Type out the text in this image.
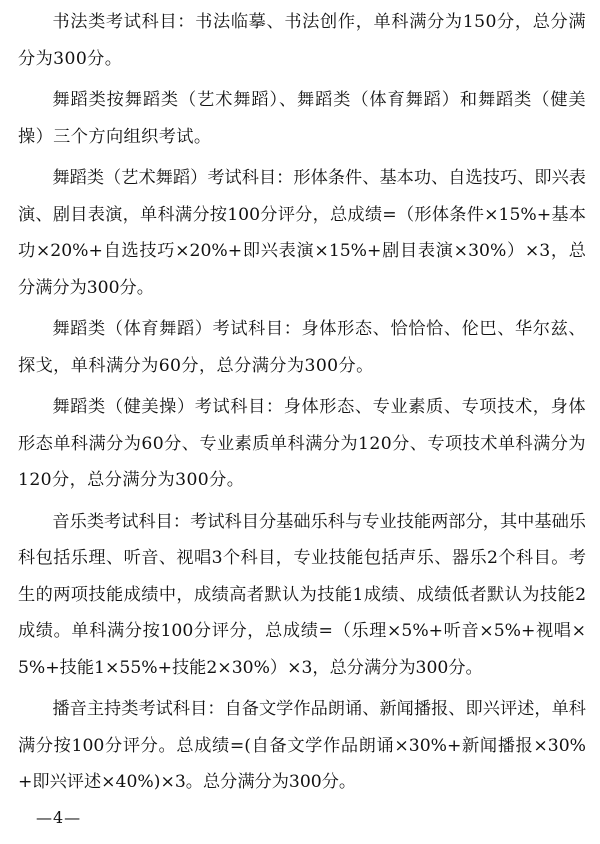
书法类考试科目：书法临摹、书法创作，单科满分为150分，总分满分为300分。

舞蹈类按舞蹈类（艺术舞蹈）、舞蹈类（体育舞蹈）和舞蹈类（健美操）三个方向组织考试。

舞蹈类（艺术舞蹈）考试科目：形体条件、基本功、自选技巧、即兴表演、剧目表演，单科满分按100分评分，总成绩=（形体条件×15%+基本功×20%+自选技巧×20%+即兴表演×15%+剧目表演×30%）×3，总分满分为300分。

舞蹈类（体育舞蹈）考试科目：身体形态、恰恰恰、伦巴、华尔兹、探戈，单科满分为60分，总分满分为300分。

舞蹈类（健美操）考试科目：身体形态、专业素质、专项技术，身体形态单科满分为60分、专业素质单科满分为120分、专项技术单科满分为120分，总分满分为300分。

音乐类考试科目：考试科目分基础乐科与专业技能两部分，其中基础乐科包括乐理、听音、视唱3个科目，专业技能包括声乐、器乐2个科目。考生的两项技能成绩中，成绩高者默认为技能1成绩、成绩低者默认为技能2成绩。单科满分按100分评分，总成绩=（乐理×5%+听音×5%+视唱×5%+技能1×55%+技能2×30%）×3，总分满分为300分。

播音主持类考试科目：自备文学作品朗诵、新闻播报、即兴评述，单科满分按100分评分。总成绩=(自备文学作品朗诵×30%+新闻播报×30%+即兴评述×40%)×3。总分满分为300分。

—4—
